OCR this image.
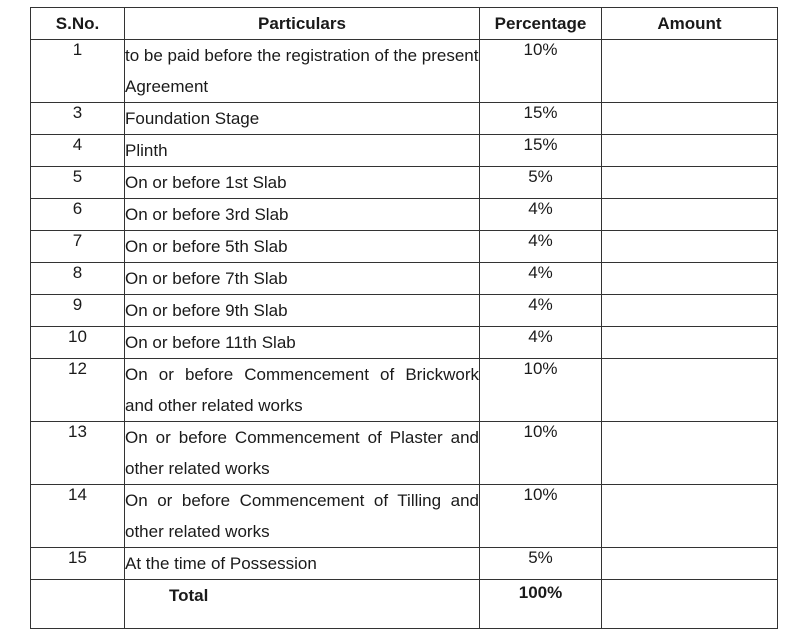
S.No.	Particulars	Percentage	Amount
1	to be paid before the registration of the present Agreement	10%	
3	Foundation Stage	15%	
4	Plinth	15%	
5	On or before 1st Slab	5%	
6	On or before 3rd Slab	4%	
7	On or before 5th Slab	4%	
8	On or before 7th Slab	4%	
9	On or before 9th Slab	4%	
10	On or before 11th Slab	4%	
12	On or before Commencement of Brickwork and other related works	10%	
13	On or before Commencement of Plaster and other related works	10%	
14	On or before Commencement of Tilling and other related works	10%	
15	At the time of Possession	5%	
	Total	100%	
